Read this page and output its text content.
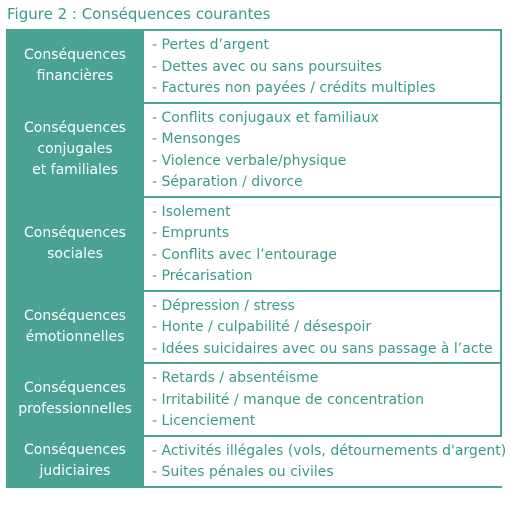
Figure 2 : Conséquences courantes
Conséquences
financières
- Pertes d’argent
- Dettes avec ou sans poursuites
- Factures non payées / crédits multiples
Conséquences
conjugales
et familiales
- Conflits conjugaux et familiaux
- Mensonges
- Violence verbale/physique
- Séparation / divorce
Conséquences
sociales
- Isolement
- Emprunts
- Conflits avec l’entourage
- Précarisation
Conséquences
émotionnelles
- Dépression / stress
- Honte / culpabilité / désespoir
- Idées suicidaires avec ou sans passage à l’acte
Conséquences
professionnelles
- Retards / absentéisme
- Irritabilité / manque de concentration
- Licenciement
Conséquences
judiciaires
- Activités illégales (vols, détournements d'argent)
- Suites pénales ou civiles
